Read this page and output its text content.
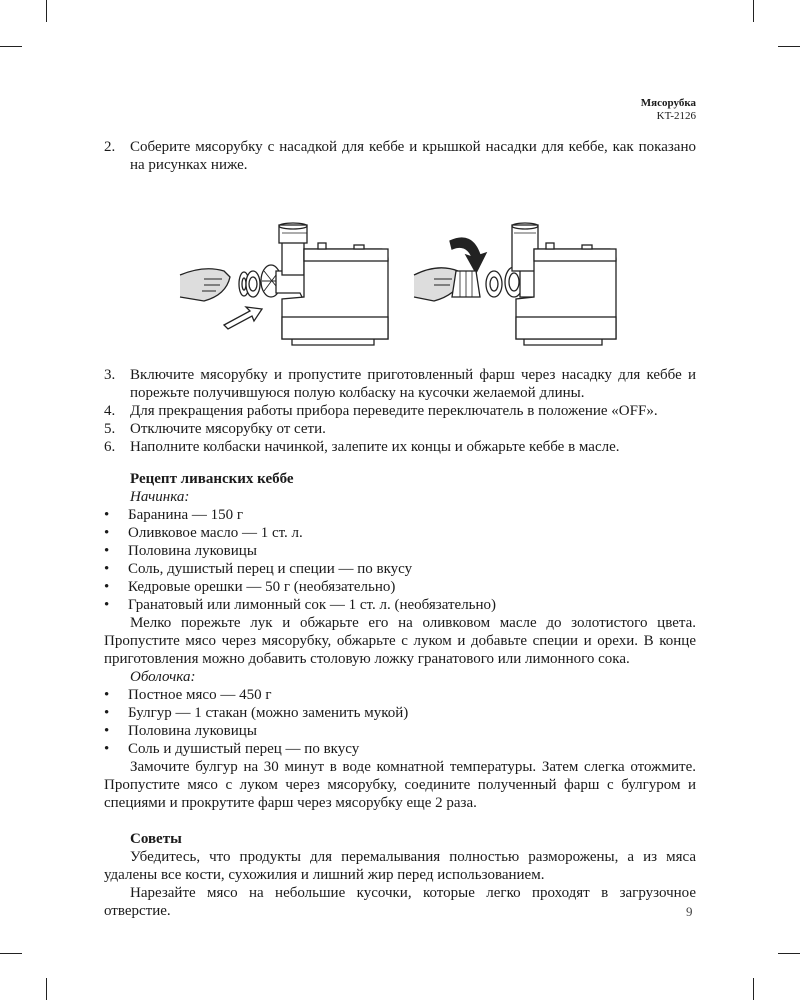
Мясорубка
KT-2126
2. Соберите мясорубку с насадкой для кеббе и крышкой насадки для кеббе, как показано на рисунках ниже.
3. Включите мясорубку и пропустите приготовленный фарш через насадку для кеббе и порежьте получившуюся полую колбаску на кусочки желаемой длины.
4. Для прекращения работы прибора переведите переключатель в положение «OFF».
5. Отключите мясорубку от сети.
6. Наполните колбаски начинкой, залепите их концы и обжарьте кеббе в масле.
Рецепт ливанских кеббе
Начинка:
• Баранина — 150 г
• Оливковое масло — 1 ст. л.
• Половина луковицы
• Соль, душистый перец и специи — по вкусу
• Кедровые орешки — 50 г (необязательно)
• Гранатовый или лимонный сок — 1 ст. л. (необязательно)

Мелко порежьте лук и обжарьте его на оливковом масле до золотистого цвета. Пропустите мясо через мясорубку, обжарьте с луком и добавьте специи и орехи. В конце приготовления можно добавить столовую ложку гранатового или лимонного сока.

Оболочка:
• Постное мясо — 450 г
• Булгур — 1 стакан (можно заменить мукой)
• Половина луковицы
• Соль и душистый перец — по вкусу

Замочите булгур на 30 минут в воде комнатной температуры. Затем слегка отожмите. Пропустите мясо с луком через мясорубку, соедините полученный фарш с булгуром и специями и прокрутите фарш через мясорубку еще 2 раза.

Советы

Убедитесь, что продукты для перемалывания полностью разморожены, а из мяса удалены все кости, сухожилия и лишний жир перед использованием.

Нарезайте мясо на небольшие кусочки, которые легко проходят в загрузочное отверстие.	9
